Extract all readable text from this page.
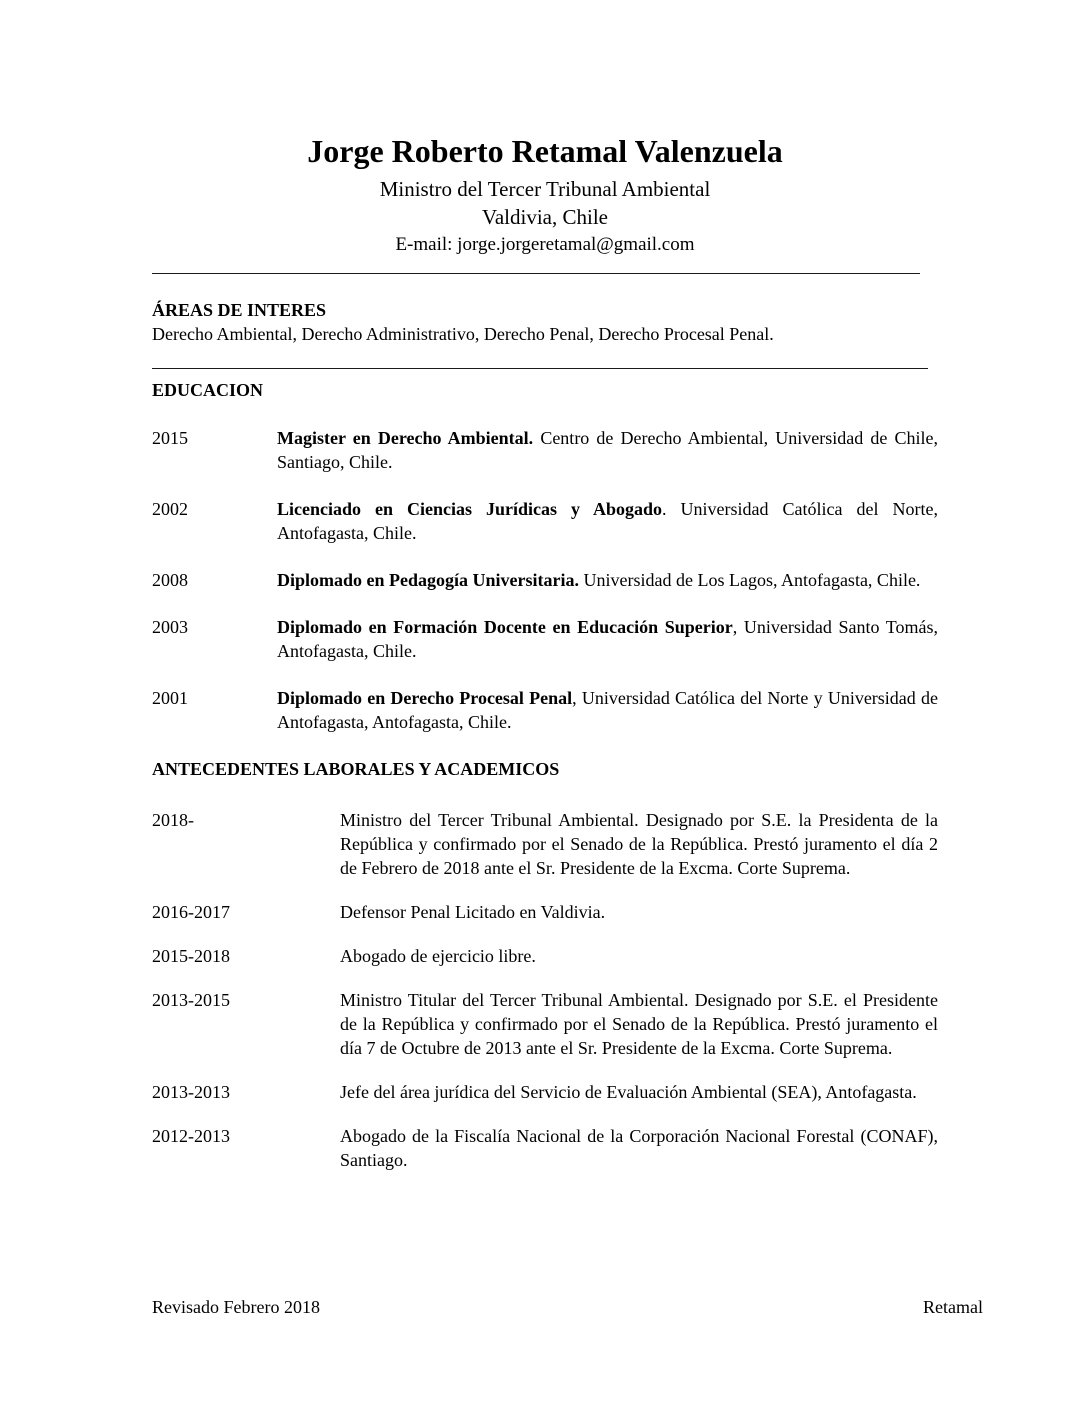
Jorge Roberto Retamal Valenzuela
Ministro del Tercer Tribunal Ambiental
Valdivia, Chile
E-mail: jorge.jorgeretamal@gmail.com
ÁREAS DE INTERES

Derecho Ambiental, Derecho Administrativo, Derecho Penal, Derecho Procesal Penal.

EDUCACION
2015	Magister en Derecho Ambiental. Centro de Derecho Ambiental, Universidad de Chile, Santiago, Chile.
2002	Licenciado en Ciencias Jurídicas y Abogado. Universidad Católica del Norte, Antofagasta, Chile.
2008	Diplomado en Pedagogía Universitaria. Universidad de Los Lagos, Antofagasta, Chile.
2003	Diplomado en Formación Docente en Educación Superior, Universidad Santo Tomás, Antofagasta, Chile.
2001	Diplomado en Derecho Procesal Penal, Universidad Católica del Norte y Universidad de Antofagasta, Antofagasta, Chile.
ANTECEDENTES LABORALES Y ACADEMICOS
2018-	Ministro del Tercer Tribunal Ambiental. Designado por S.E. la Presidenta de la República y confirmado por el Senado de la República. Prestó juramento el día 2 de Febrero de 2018 ante el Sr. Presidente de la Excma. Corte Suprema.
2016-2017	Defensor Penal Licitado en Valdivia.
2015-2018	Abogado de ejercicio libre.
2013-2015	Ministro Titular del Tercer Tribunal Ambiental. Designado por S.E. el Presidente de la República y confirmado por el Senado de la República. Prestó juramento el día 7 de Octubre de 2013 ante el Sr. Presidente de la Excma. Corte Suprema.
2013-2013	Jefe del área jurídica del Servicio de Evaluación Ambiental (SEA), Antofagasta.
2012-2013	Abogado de la Fiscalía Nacional de la Corporación Nacional Forestal (CONAF), Santiago.
Revisado Febrero 2018	Retamal
